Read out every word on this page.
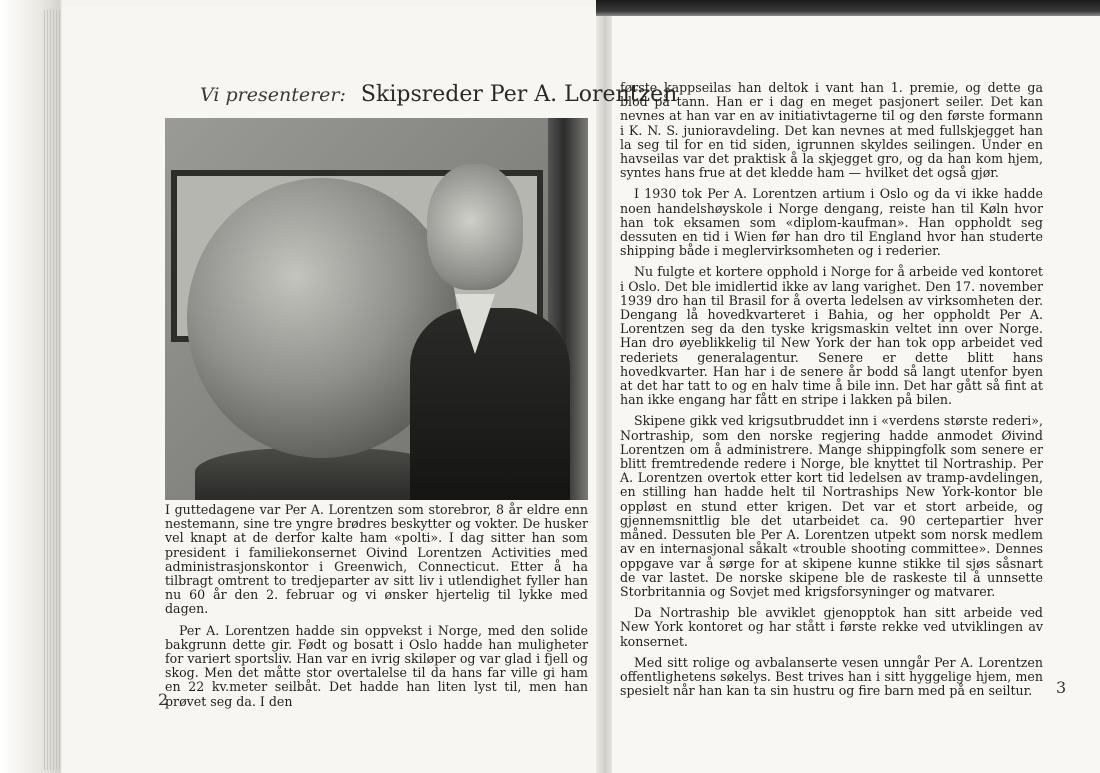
Vi presenterer: Skipsreder Per A. Lorentzen

I guttedagene var Per A. Lorentzen som storebror, 8 år eldre enn nestemann, sine tre yngre brødres beskytter og vokter. De husker vel knapt at de derfor kalte ham «polti». I dag sitter han som president i familiekonsernet Oivind Lorentzen Activities med administrasjonskontor i Greenwich, Connecticut. Etter å ha tilbragt omtrent to tredjeparter av sitt liv i utlendighet fyller han nu 60 år den 2. februar og vi ønsker hjertelig til lykke med dagen.

Per A. Lorentzen hadde sin oppvekst i Norge, med den solide bakgrunn dette gir. Født og bosatt i Oslo hadde han muligheter for variert sportsliv. Han var en ivrig skiløper og var glad i fjell og skog. Men det måtte stor overtalelse til da hans far ville gi ham en 22 kv.meter seilbåt. Det hadde han liten lyst til, men han prøvet seg da. I den

2

første kappseilas han deltok i vant han 1. premie, og dette ga blod på tann. Han er i dag en meget pasjonert seiler. Det kan nevnes at han var en av initiativtagerne til og den første formann i K. N. S. junioravdeling. Det kan nevnes at med fullskjegget han la seg til for en tid siden, igrunnen skyldes seilingen. Under en havseilas var det praktisk å la skjegget gro, og da han kom hjem, syntes hans frue at det kledde ham — hvilket det også gjør.

I 1930 tok Per A. Lorentzen artium i Oslo og da vi ikke hadde noen handelshøyskole i Norge dengang, reiste han til Køln hvor han tok eksamen som «diplom-kaufman». Han oppholdt seg dessuten en tid i Wien før han dro til England hvor han studerte shipping både i meglervirksomheten og i rederier.

Nu fulgte et kortere opphold i Norge for å arbeide ved kontoret i Oslo. Det ble imidlertid ikke av lang varighet. Den 17. november 1939 dro han til Brasil for å overta ledelsen av virksomheten der. Dengang lå hovedkvarteret i Bahia, og her oppholdt Per A. Lorentzen seg da den tyske krigsmaskin veltet inn over Norge. Han dro øyeblikkelig til New York der han tok opp arbeidet ved rederiets generalagentur. Senere er dette blitt hans hovedkvarter. Han har i de senere år bodd så langt utenfor byen at det har tatt to og en halv time å bile inn. Det har gått så fint at han ikke engang har fått en stripe i lakken på bilen.

Skipene gikk ved krigsutbruddet inn i «verdens største rederi», Nortraship, som den norske regjering hadde anmodet Øivind Lorentzen om å administrere. Mange shippingfolk som senere er blitt fremtredende redere i Norge, ble knyttet til Nortraship. Per A. Lorentzen overtok etter kort tid ledelsen av tramp-avdelingen, en stilling han hadde helt til Nortraships New York-kontor ble oppløst en stund etter krigen. Det var et stort arbeide, og gjennemsnittlig ble det utarbeidet ca. 90 certepartier hver måned. Dessuten ble Per A. Lorentzen utpekt som norsk medlem av en internasjonal såkalt «trouble shooting committee». Dennes oppgave var å sørge for at skipene kunne stikke til sjøs såsnart de var lastet. De norske skipene ble de raskeste til å unnsette Storbritannia og Sovjet med krigsforsyninger og matvarer.

Da Nortraship ble avviklet gjenopptok han sitt arbeide ved New York kontoret og har stått i første rekke ved utviklingen av konsernet.

Med sitt rolige og avbalanserte vesen unngår Per A. Lorentzen offentlighetens søkelys. Best trives han i sitt hyggelige hjem, men spesielt når han kan ta sin hustru og fire barn med på en seiltur.	3
